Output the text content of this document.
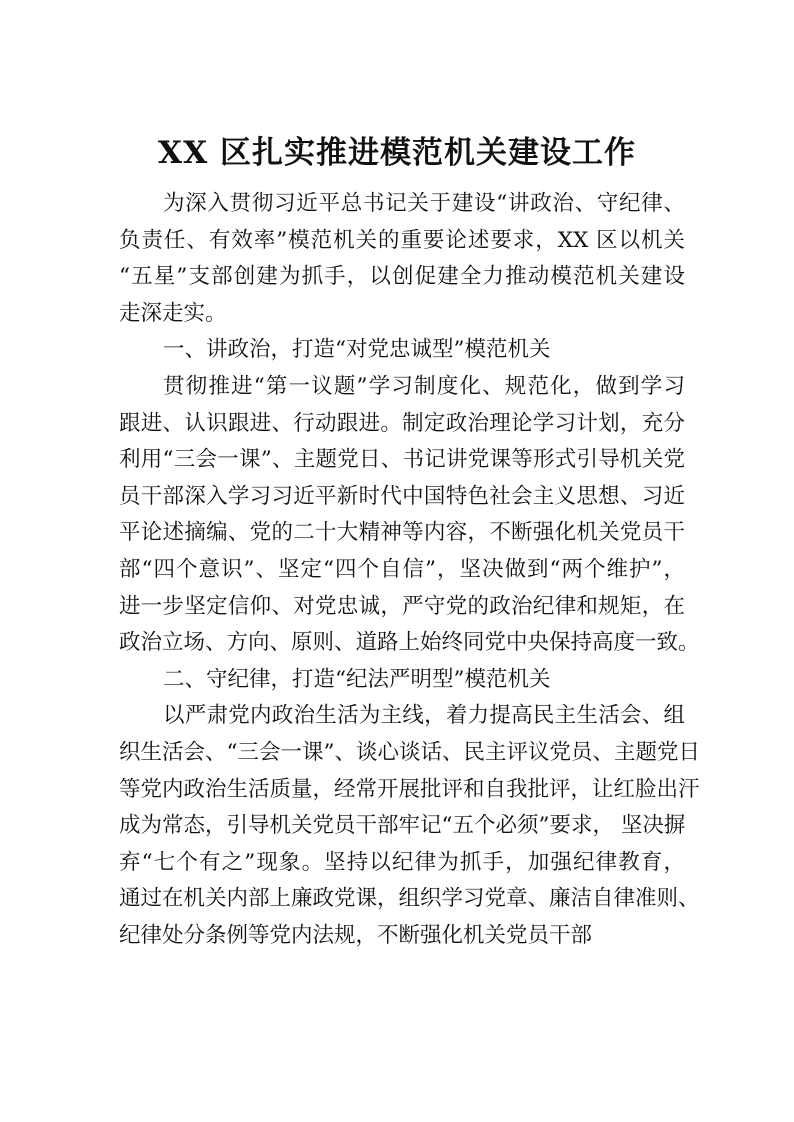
XX 区扎实推进模范机关建设工作
为深入贯彻习近平总书记关于建设“讲政治、守纪律、
负责任、有效率”模范机关的重要论述要求，XX 区以机关
“五星”支部创建为抓手，以创促建全力推动模范机关建设
走深走实。
一、讲政治，打造“对党忠诚型”模范机关
贯彻推进“第一议题”学习制度化、规范化，做到学习
跟进、认识跟进、行动跟进。制定政治理论学习计划，充分
利用“三会一课”、主题党日、书记讲党课等形式引导机关党
员干部深入学习习近平新时代中国特色社会主义思想、习近
平论述摘编、党的二十大精神等内容，不断强化机关党员干
部“四个意识”、坚定“四个自信”，坚决做到“两个维护”，
进一步坚定信仰、对党忠诚，严守党的政治纪律和规矩，在
政治立场、方向、原则、道路上始终同党中央保持高度一致。
二、守纪律，打造“纪法严明型”模范机关
以严肃党内政治生活为主线，着力提高民主生活会、组
织生活会、“三会一课”、谈心谈话、民主评议党员、主题党日
等党内政治生活质量，经常开展批评和自我批评，让红脸出汗
成为常态，引导机关党员干部牢记“五个必须”要求， 坚决摒
弃“七个有之”现象。坚持以纪律为抓手，加强纪律教育，
通过在机关内部上廉政党课，组织学习党章、廉洁自律准则、
纪律处分条例等党内法规，不断强化机关党员干部
